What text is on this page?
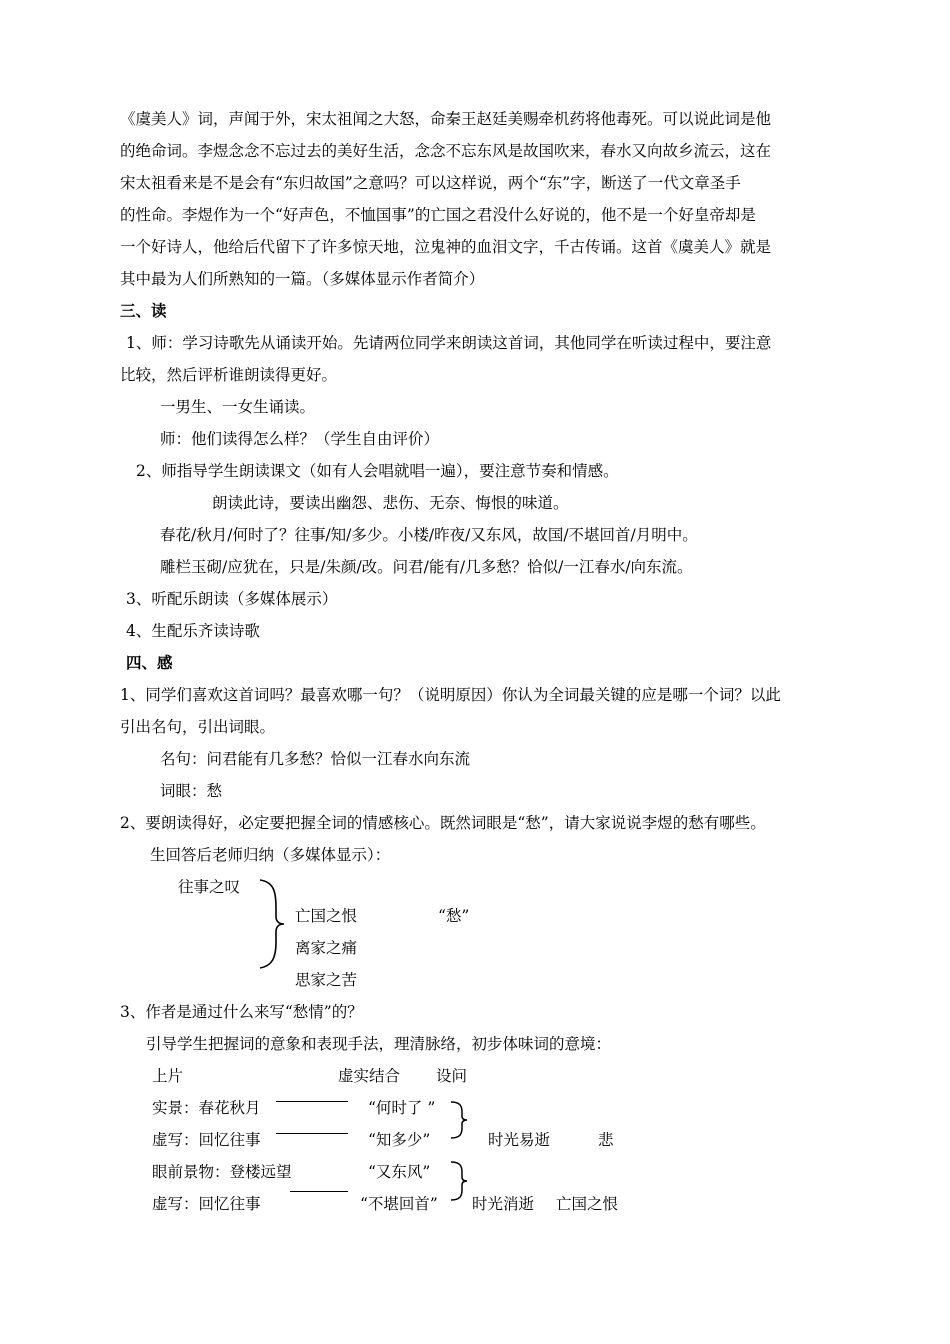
《虞美人》词，声闻于外，宋太祖闻之大怒，命秦王赵廷美赐牵机药将他毒死。可以说此词是他
的绝命词。李煜念念不忘过去的美好生活，念念不忘东风是故国吹来，春水又向故乡流云，这在
宋太祖看来是不是会有“东归故国”之意吗？可以这样说，两个“东”字，断送了一代文章圣手
的性命。李煜作为一个“好声色，不恤国事”的亡国之君没什么好说的，他不是一个好皇帝却是
一个好诗人，他给后代留下了许多惊天地，泣鬼神的血泪文字，千古传诵。这首《虞美人》就是
其中最为人们所熟知的一篇。（多媒体显示作者简介）
三、读
1、师：学习诗歌先从诵读开始。先请两位同学来朗读这首词，其他同学在听读过程中，要注意
比较，然后评析谁朗读得更好。
一男生、一女生诵读。
师：他们读得怎么样？（学生自由评价）
2、师指导学生朗读课文（如有人会唱就唱一遍），要注意节奏和情感。
朗读此诗，要读出幽怨、悲伤、无奈、悔恨的味道。
春花/秋月/何时了？往事/知/多少。小楼/昨夜/又东风，故国/不堪回首/月明中。
雕栏玉砌/应犹在，只是/朱颜/改。问君/能有/几多愁？恰似/一江春水/向东流。
3、听配乐朗读（多媒体展示）
4、生配乐齐读诗歌
四、感
1、同学们喜欢这首词吗？最喜欢哪一句？（说明原因）你认为全词最关键的应是哪一个词？以此
引出名句，引出词眼。
名句：问君能有几多愁？恰似一江春水向东流
词眼：愁
2、要朗读得好，必定要把握全词的情感核心。既然词眼是“愁”，请大家说说李煜的愁有哪些。
生回答后老师归纳（多媒体显示）：
往事之叹
亡国之恨	“愁”
离家之痛
思家之苦
3、作者是通过什么来写“愁情”的？
引导学生把握词的意象和表现手法，理清脉络，初步体味词的意境：
上片	虚实结合 设问
实景：春花秋月	“何时了 ”
虚写：回忆往事	“知多少”	时光易逝	悲
眼前景物：登楼远望	“又东风”
虚写：回忆往事	“不堪回首” 时光消逝 亡国之恨
